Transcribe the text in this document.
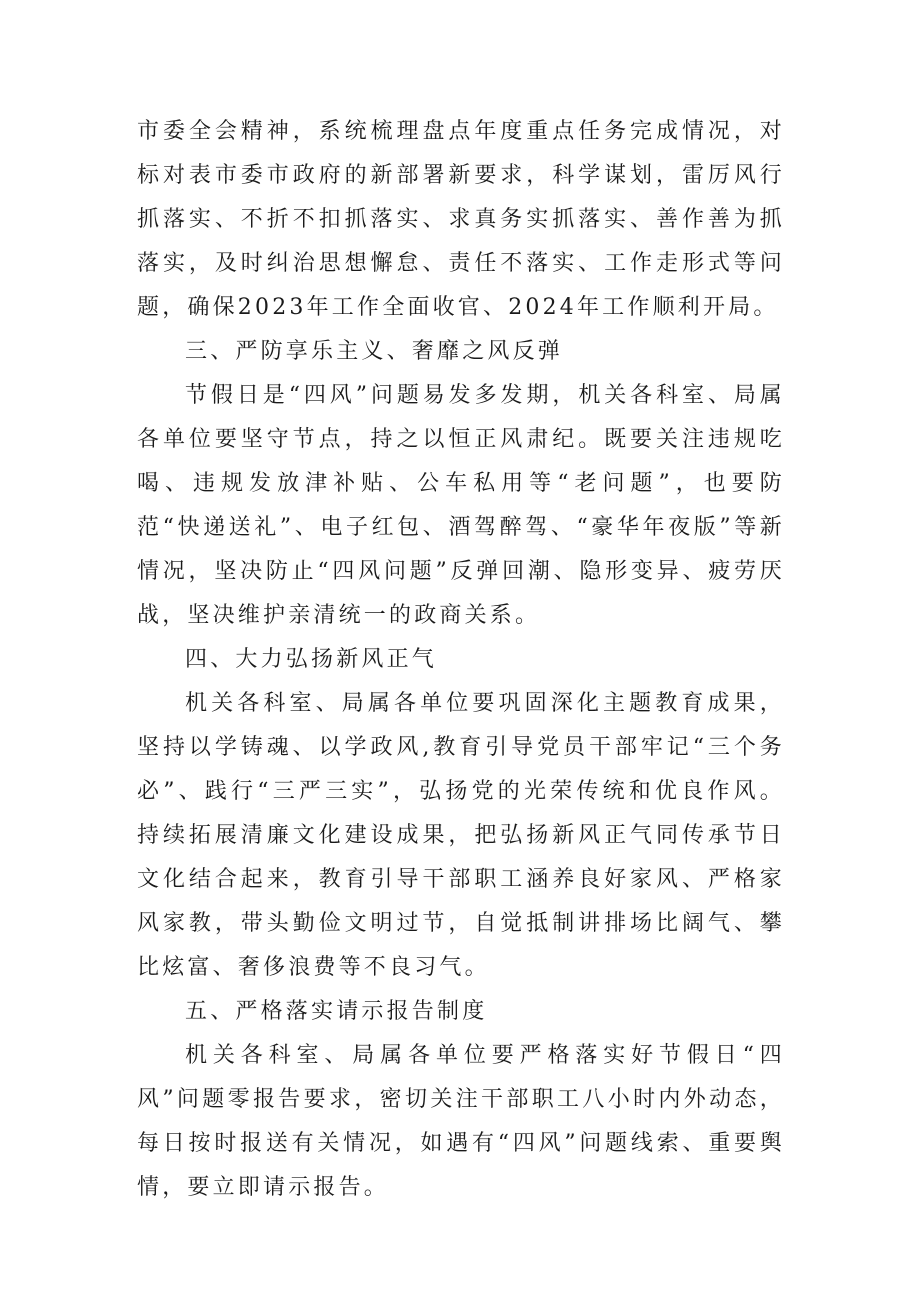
市委全会精神，系统梳理盘点年度重点任务完成情况，对标对表市委市政府的新部署新要求，科学谋划，雷厉风行抓落实、不折不扣抓落实、求真务实抓落实、善作善为抓落实，及时纠治思想懈怠、责任不落实、工作走形式等问题，确保2023年工作全面收官、2024年工作顺利开局。

三、严防享乐主义、奢靡之风反弹

节假日是“四风”问题易发多发期，机关各科室、局属各单位要坚守节点，持之以恒正风肃纪。既要关注违规吃喝、违规发放津补贴、公车私用等“老问题”，也要防范“快递送礼”、电子红包、酒驾醉驾、“豪华年夜版”等新情况，坚决防止“四风问题”反弹回潮、隐形变异、疲劳厌战，坚决维护亲清统一的政商关系。

四、大力弘扬新风正气

机关各科室、局属各单位要巩固深化主题教育成果，坚持以学铸魂、以学政风,教育引导党员干部牢记“三个务必”、践行“三严三实”，弘扬党的光荣传统和优良作风。持续拓展清廉文化建设成果，把弘扬新风正气同传承节日文化结合起来，教育引导干部职工涵养良好家风、严格家风家教，带头勤俭文明过节，自觉抵制讲排场比阔气、攀比炫富、奢侈浪费等不良习气。

五、严格落实请示报告制度

机关各科室、局属各单位要严格落实好节假日“四风”问题零报告要求，密切关注干部职工八小时内外动态，每日按时报送有关情况，如遇有“四风”问题线索、重要舆情，要立即请示报告。
